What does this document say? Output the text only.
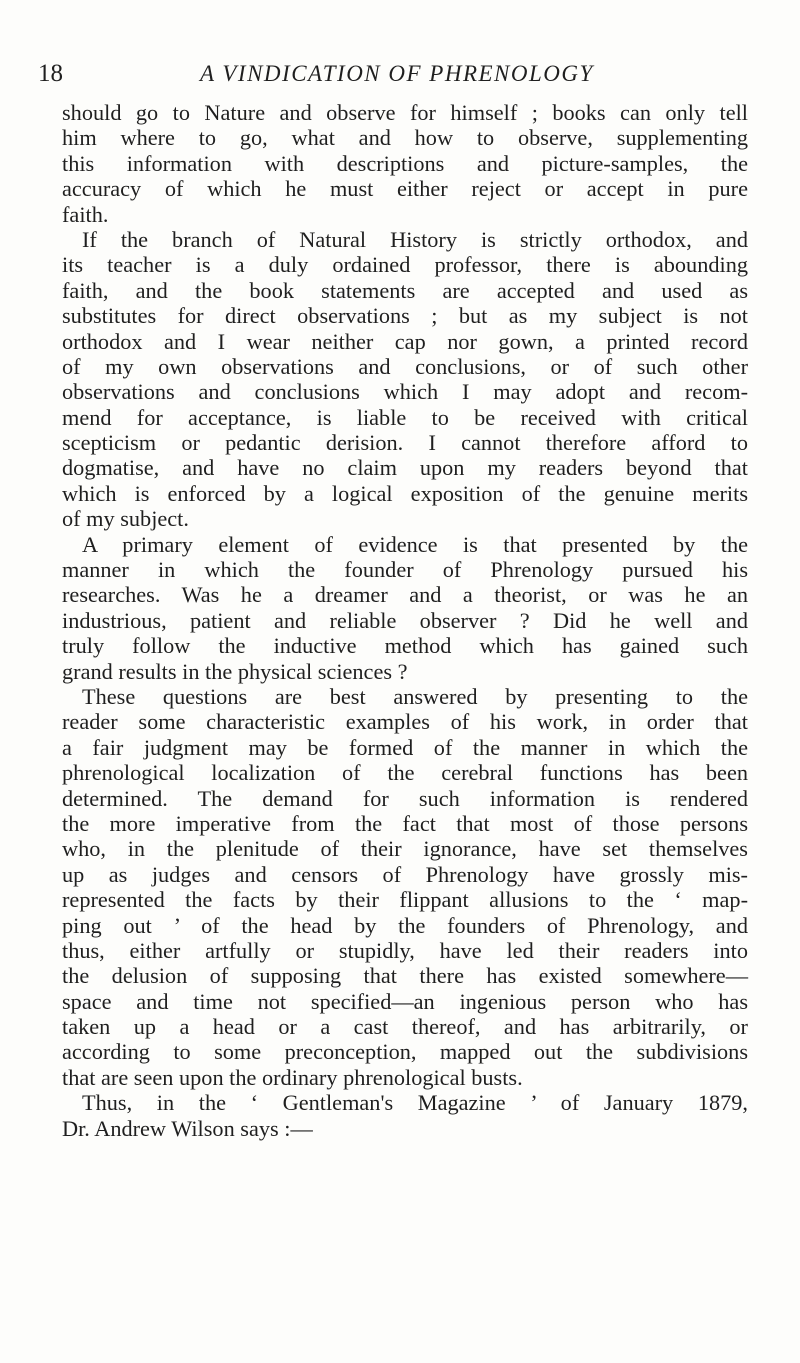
18	A VINDICATION OF PHRENOLOGY
should go to Nature and observe for himself ; books can only tell
him where to go, what and how to observe, supplementing
this information with descriptions and picture-samples, the
accuracy of which he must either reject or accept in pure
faith.
If the branch of Natural History is strictly orthodox, and
its teacher is a duly ordained professor, there is abounding
faith, and the book statements are accepted and used as
substitutes for direct observations ; but as my subject is not
orthodox and I wear neither cap nor gown, a printed record
of my own observations and conclusions, or of such other
observations and conclusions which I may adopt and recom-
mend for acceptance, is liable to be received with critical
scepticism or pedantic derision. I cannot therefore afford to
dogmatise, and have no claim upon my readers beyond that
which is enforced by a logical exposition of the genuine merits
of my subject.
A primary element of evidence is that presented by the
manner in which the founder of Phrenology pursued his
researches. Was he a dreamer and a theorist, or was he an
industrious, patient and reliable observer ? Did he well and
truly follow the inductive method which has gained such
grand results in the physical sciences ?
These questions are best answered by presenting to the
reader some characteristic examples of his work, in order that
a fair judgment may be formed of the manner in which the
phrenological localization of the cerebral functions has been
determined. The demand for such information is rendered
the more imperative from the fact that most of those persons
who, in the plenitude of their ignorance, have set themselves
up as judges and censors of Phrenology have grossly mis-
represented the facts by their flippant allusions to the ‘ map-
ping out ’ of the head by the founders of Phrenology, and
thus, either artfully or stupidly, have led their readers into
the delusion of supposing that there has existed somewhere—
space and time not specified—an ingenious person who has
taken up a head or a cast thereof, and has arbitrarily, or
according to some preconception, mapped out the subdivisions
that are seen upon the ordinary phrenological busts.
Thus, in the ‘ Gentleman's Magazine ’ of January 1879,
Dr. Andrew Wilson says :—
